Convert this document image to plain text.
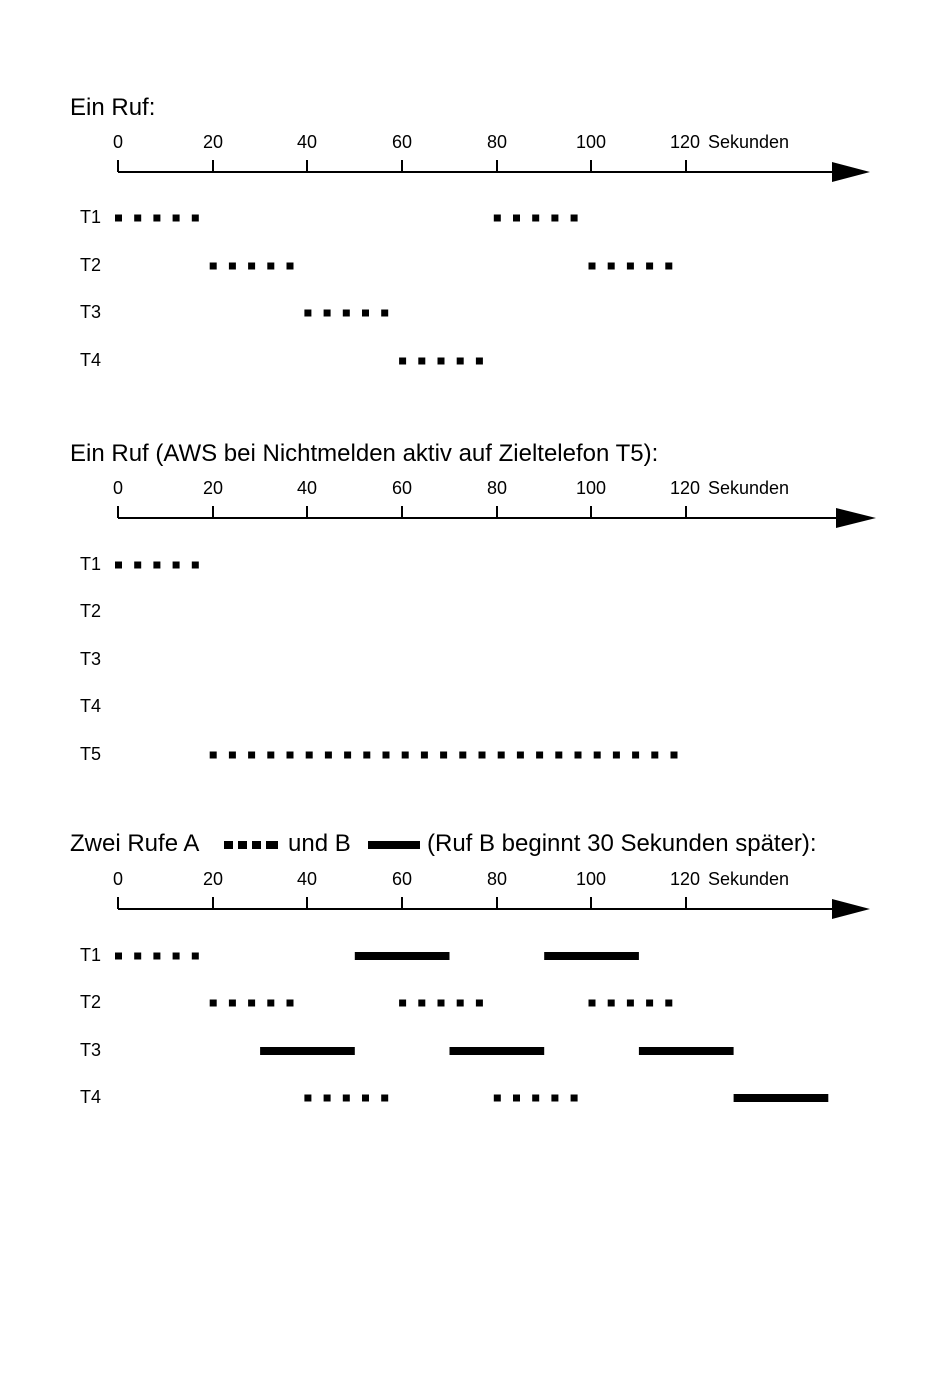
Ein Ruf:
0	20	40	60	80	100	120 Sekunden
T1
T2
T3
T4
Ein Ruf (AWS bei Nichtmelden aktiv auf Zieltelefon T5):
0	20	40	60	80	100	120 Sekunden
T1
T2
T3
T4
T5
Zwei Rufe A	und B	(Ruf B beginnt 30 Sekunden später):
0	20	40	60	80	100	120 Sekunden
T1
T2
T3
T4
